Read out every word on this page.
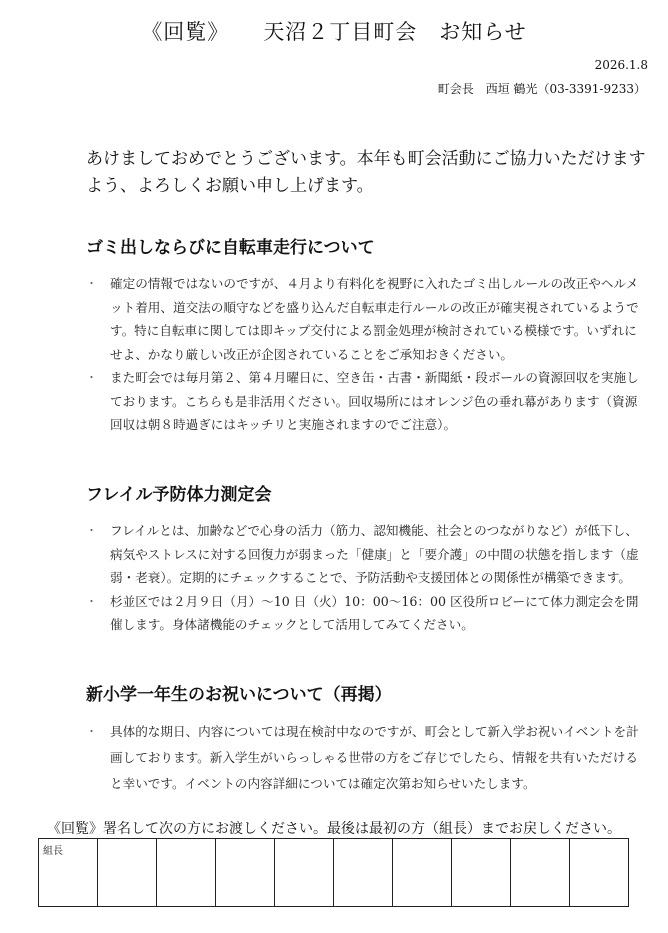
《回覧》 天沼２丁目町会　お知らせ
2026.1.8
町会長　西垣 鶴光（03-3391-9233）
あけましておめでとうございます。本年も町会活動にご協力いただけますよう、よろしくお願い申し上げます。
ゴミ出しならびに自転車走行について
・ 確定の情報ではないのですが、４月より有料化を視野に入れたゴミ出しルールの改正やヘルメット着用、道交法の順守などを盛り込んだ自転車走行ルールの改正が確実視されているようです。特に自転車に関しては即キップ交付による罰金処理が検討されている模様です。いずれにせよ、かなり厳しい改正が企図されていることをご承知おきください。
・ また町会では毎月第２、第４月曜日に、空き缶・古書・新聞紙・段ボールの資源回収を実施しております。こちらも是非活用ください。回収場所にはオレンジ色の垂れ幕があります（資源回収は朝８時過ぎにはキッチリと実施されますのでご注意）。
フレイル予防体力測定会
・ フレイルとは、加齢などで心身の活力（筋力、認知機能、社会とのつながりなど）が低下し、病気やストレスに対する回復力が弱まった「健康」と「要介護」の中間の状態を指します（虚弱・老衰）。定期的にチェックすることで、予防活動や支援団体との関係性が構築できます。
・ 杉並区では２月９日（月）〜10 日（火）10：00〜16：00 区役所ロビーにて体力測定会を開催します。身体諸機能のチェックとして活用してみてください。
新小学一年生のお祝いについて（再掲）
・ 具体的な期日、内容については現在検討中なのですが、町会として新入学お祝いイベントを計画しております。新入学生がいらっしゃる世帯の方をご存じでしたら、情報を共有いただけると幸いです。イベントの内容詳細については確定次第お知らせいたします。
《回覧》署名して次の方にお渡しください。最後は最初の方（組長）までお戻しください。
組長									
